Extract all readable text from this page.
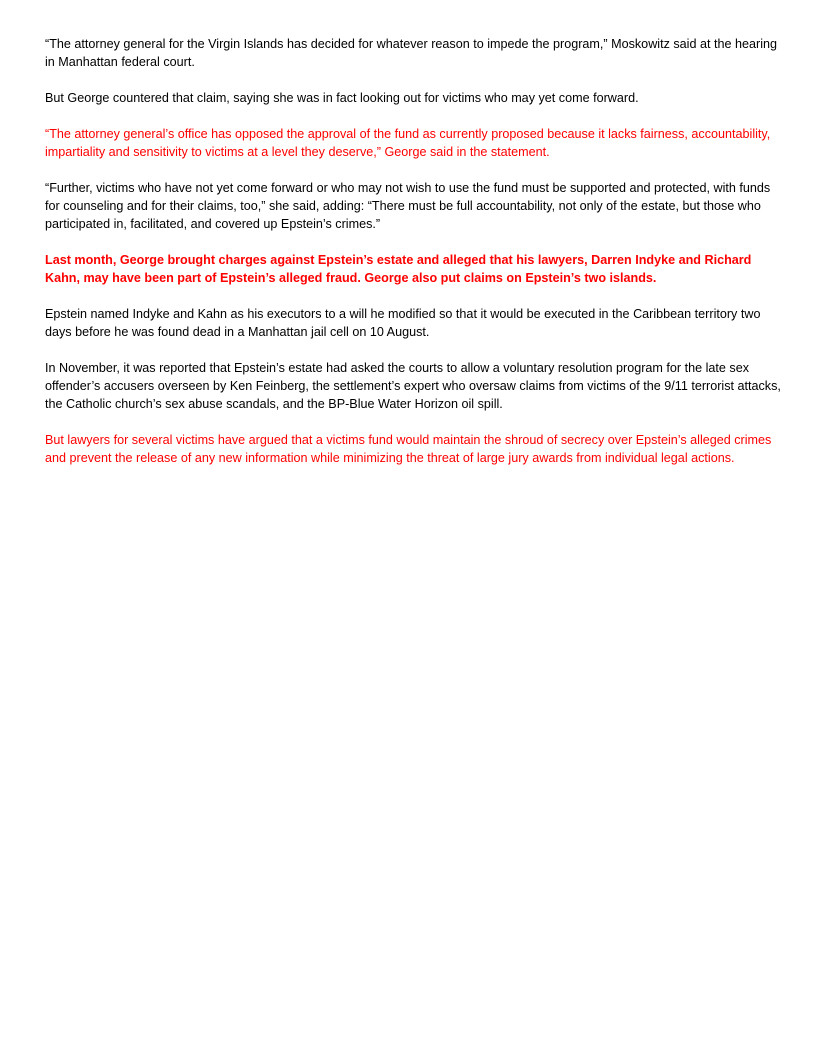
“The attorney general for the Virgin Islands has decided for whatever reason to impede the program,” Moskowitz said at the hearing in Manhattan federal court.

But George countered that claim, saying she was in fact looking out for victims who may yet come forward.

“The attorney general’s office has opposed the approval of the fund as currently proposed because it lacks fairness, accountability, impartiality and sensitivity to victims at a level they deserve,” George said in the statement.

“Further, victims who have not yet come forward or who may not wish to use the fund must be supported and protected, with funds for counseling and for their claims, too,” she said, adding: “There must be full accountability, not only of the estate, but those who participated in, facilitated, and covered up Epstein’s crimes.”

Last month, George brought charges against Epstein’s estate and alleged that his lawyers, Darren Indyke and Richard Kahn, may have been part of Epstein’s alleged fraud. George also put claims on Epstein’s two islands.

Epstein named Indyke and Kahn as his executors to a will he modified so that it would be executed in the Caribbean territory two days before he was found dead in a Manhattan jail cell on 10 August.

In November, it was reported that Epstein’s estate had asked the courts to allow a voluntary resolution program for the late sex offender’s accusers overseen by Ken Feinberg, the settlement’s expert who oversaw claims from victims of the 9/11 terrorist attacks, the Catholic church’s sex abuse scandals, and the BP-Blue Water Horizon oil spill.

But lawyers for several victims have argued that a victims fund would maintain the shroud of secrecy over Epstein’s alleged crimes and prevent the release of any new information while minimizing the threat of large jury awards from individual legal actions.
